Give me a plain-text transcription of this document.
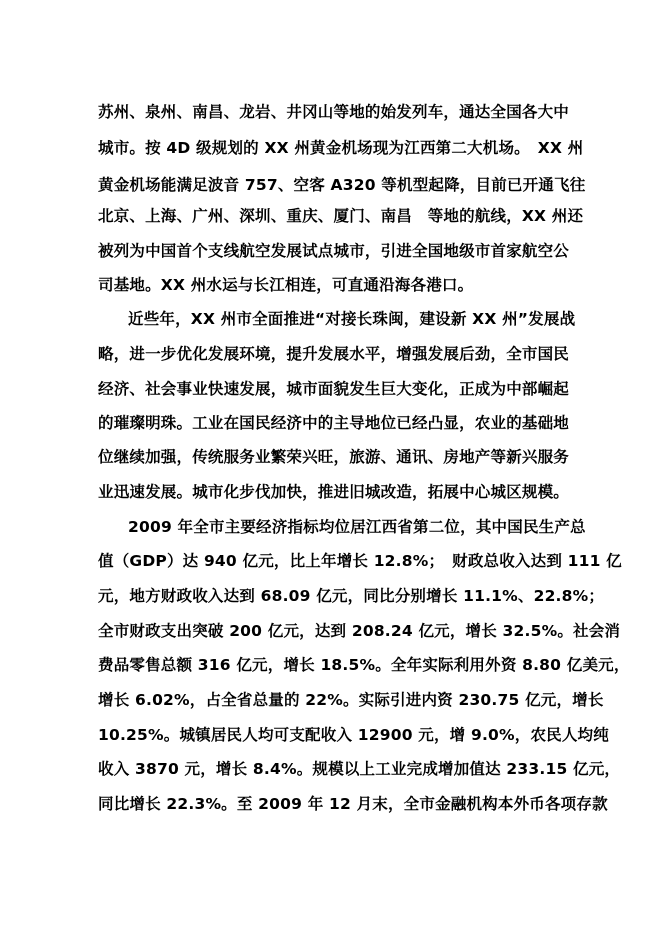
苏州、泉州、南昌、龙岩、井冈山等地的始发列车，通达全国各大中
城市。按 4D 级规划的 XX 州黄金机场现为江西第二大机场。　XX 州
黄金机场能满足波音 757、空客 A320 等机型起降，目前已开通飞往
北京、上海、广州、深圳、重庆、厦门、南昌　等地的航线，XX 州还
被列为中国首个支线航空发展试点城市，引进全国地级市首家航空公
司基地。XX 州水运与长江相连，可直通沿海各港口。
近些年，XX 州市全面推进“对接长珠闽，建设新 XX 州”发展战
略，进一步优化发展环境，提升发展水平，增强发展后劲，全市国民
经济、社会事业快速发展，城市面貌发生巨大变化，正成为中部崛起
的璀璨明珠。工业在国民经济中的主导地位已经凸显，农业的基础地
位继续加强，传统服务业繁荣兴旺，旅游、通讯、房地产等新兴服务
业迅速发展。城市化步伐加快，推进旧城改造，拓展中心城区规模。
2009 年全市主要经济指标均位居江西省第二位，其中国民生产总
值（GDP）达 940 亿元，比上年增长 12.8%；　财政总收入达到 111 亿
元，地方财政收入达到 68.09 亿元，同比分别增长 11.1%、22.8%；
全市财政支出突破 200 亿元，达到 208.24 亿元，增长 32.5%。社会消
费品零售总额 316 亿元，增长 18.5%。全年实际利用外资 8.80 亿美元，
增长 6.02%，占全省总量的 22%。实际引进内资 230.75 亿元，增长
10.25%。城镇居民人均可支配收入 12900 元，增 9.0%，农民人均纯
收入 3870 元，增长 8.4%。规模以上工业完成增加值达 233.15 亿元，
同比增长 22.3%。至 2009 年 12 月末，全市金融机构本外币各项存款
